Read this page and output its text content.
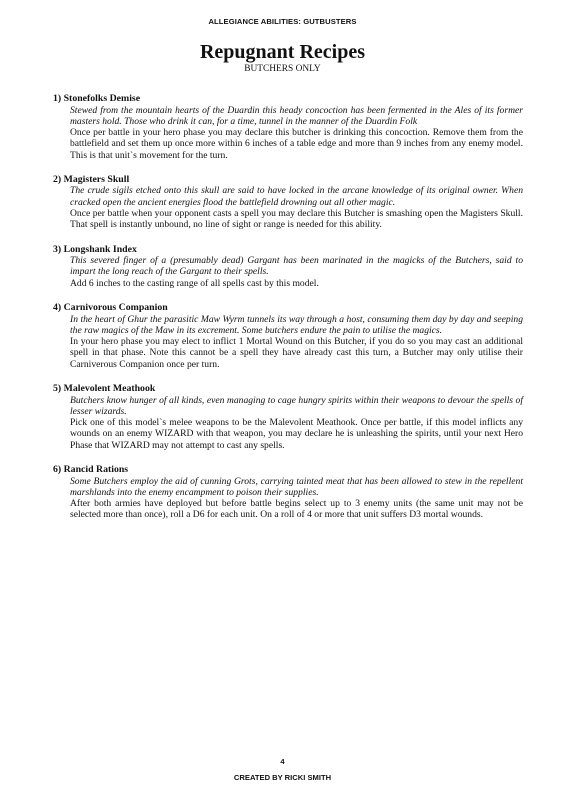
ALLEGIANCE ABILITIES: GUTBUSTERS
Repugnant Recipes
BUTCHERS ONLY
1) Stonefolks Demise
Stewed from the mountain hearts of the Duardin this heady concoction has been fermented in the Ales of its former masters hold. Those who drink it can, for a time, tunnel in the manner of the Duardin Folk
Once per battle in your hero phase you may declare this butcher is drinking this concoction. Remove them from the battlefield and set them up once more within 6 inches of a table edge and more than 9 inches from any enemy model. This is that unit`s movement for the turn.
2) Magisters Skull
The crude sigils etched onto this skull are said to have locked in the arcane knowledge of its original owner. When cracked open the ancient energies flood the battlefield drowning out all other magic.
Once per battle when your opponent casts a spell you may declare this Butcher is smashing open the Magisters Skull. That spell is instantly unbound, no line of sight or range is needed for this ability.
3) Longshank Index
This severed finger of a (presumably dead) Gargant has been marinated in the magicks of the Butchers, said to impart the long reach of the Gargant to their spells.
Add 6 inches to the casting range of all spells cast by this model.
4) Carnivorous Companion
In the heart of Ghur the parasitic Maw Wyrm tunnels its way through a host, consuming them day by day and seeping the raw magics of the Maw in its excrement. Some butchers endure the pain to utilise the magics.
In your hero phase you may elect to inflict 1 Mortal Wound on this Butcher, if you do so you may cast an additional spell in that phase. Note this cannot be a spell they have already cast this turn, a Butcher may only utilise their Carniverous Companion once per turn.
5) Malevolent Meathook
Butchers know hunger of all kinds, even managing to cage hungry spirits within their weapons to devour the spells of lesser wizards.
Pick one of this model`s melee weapons to be the Malevolent Meathook. Once per battle, if this model inflicts any wounds on an enemy WIZARD with that weapon, you may declare he is unleashing the spirits, until your next Hero Phase that WIZARD may not attempt to cast any spells.
6) Rancid Rations
Some Butchers employ the aid of cunning Grots, carrying tainted meat that has been allowed to stew in the repellent marshlands into the enemy encampment to poison their supplies.
After both armies have deployed but before battle begins select up to 3 enemy units (the same unit may not be selected more than once), roll a D6 for each unit. On a roll of 4 or more that unit suffers D3 mortal wounds.
4
CREATED BY RICKI SMITH
